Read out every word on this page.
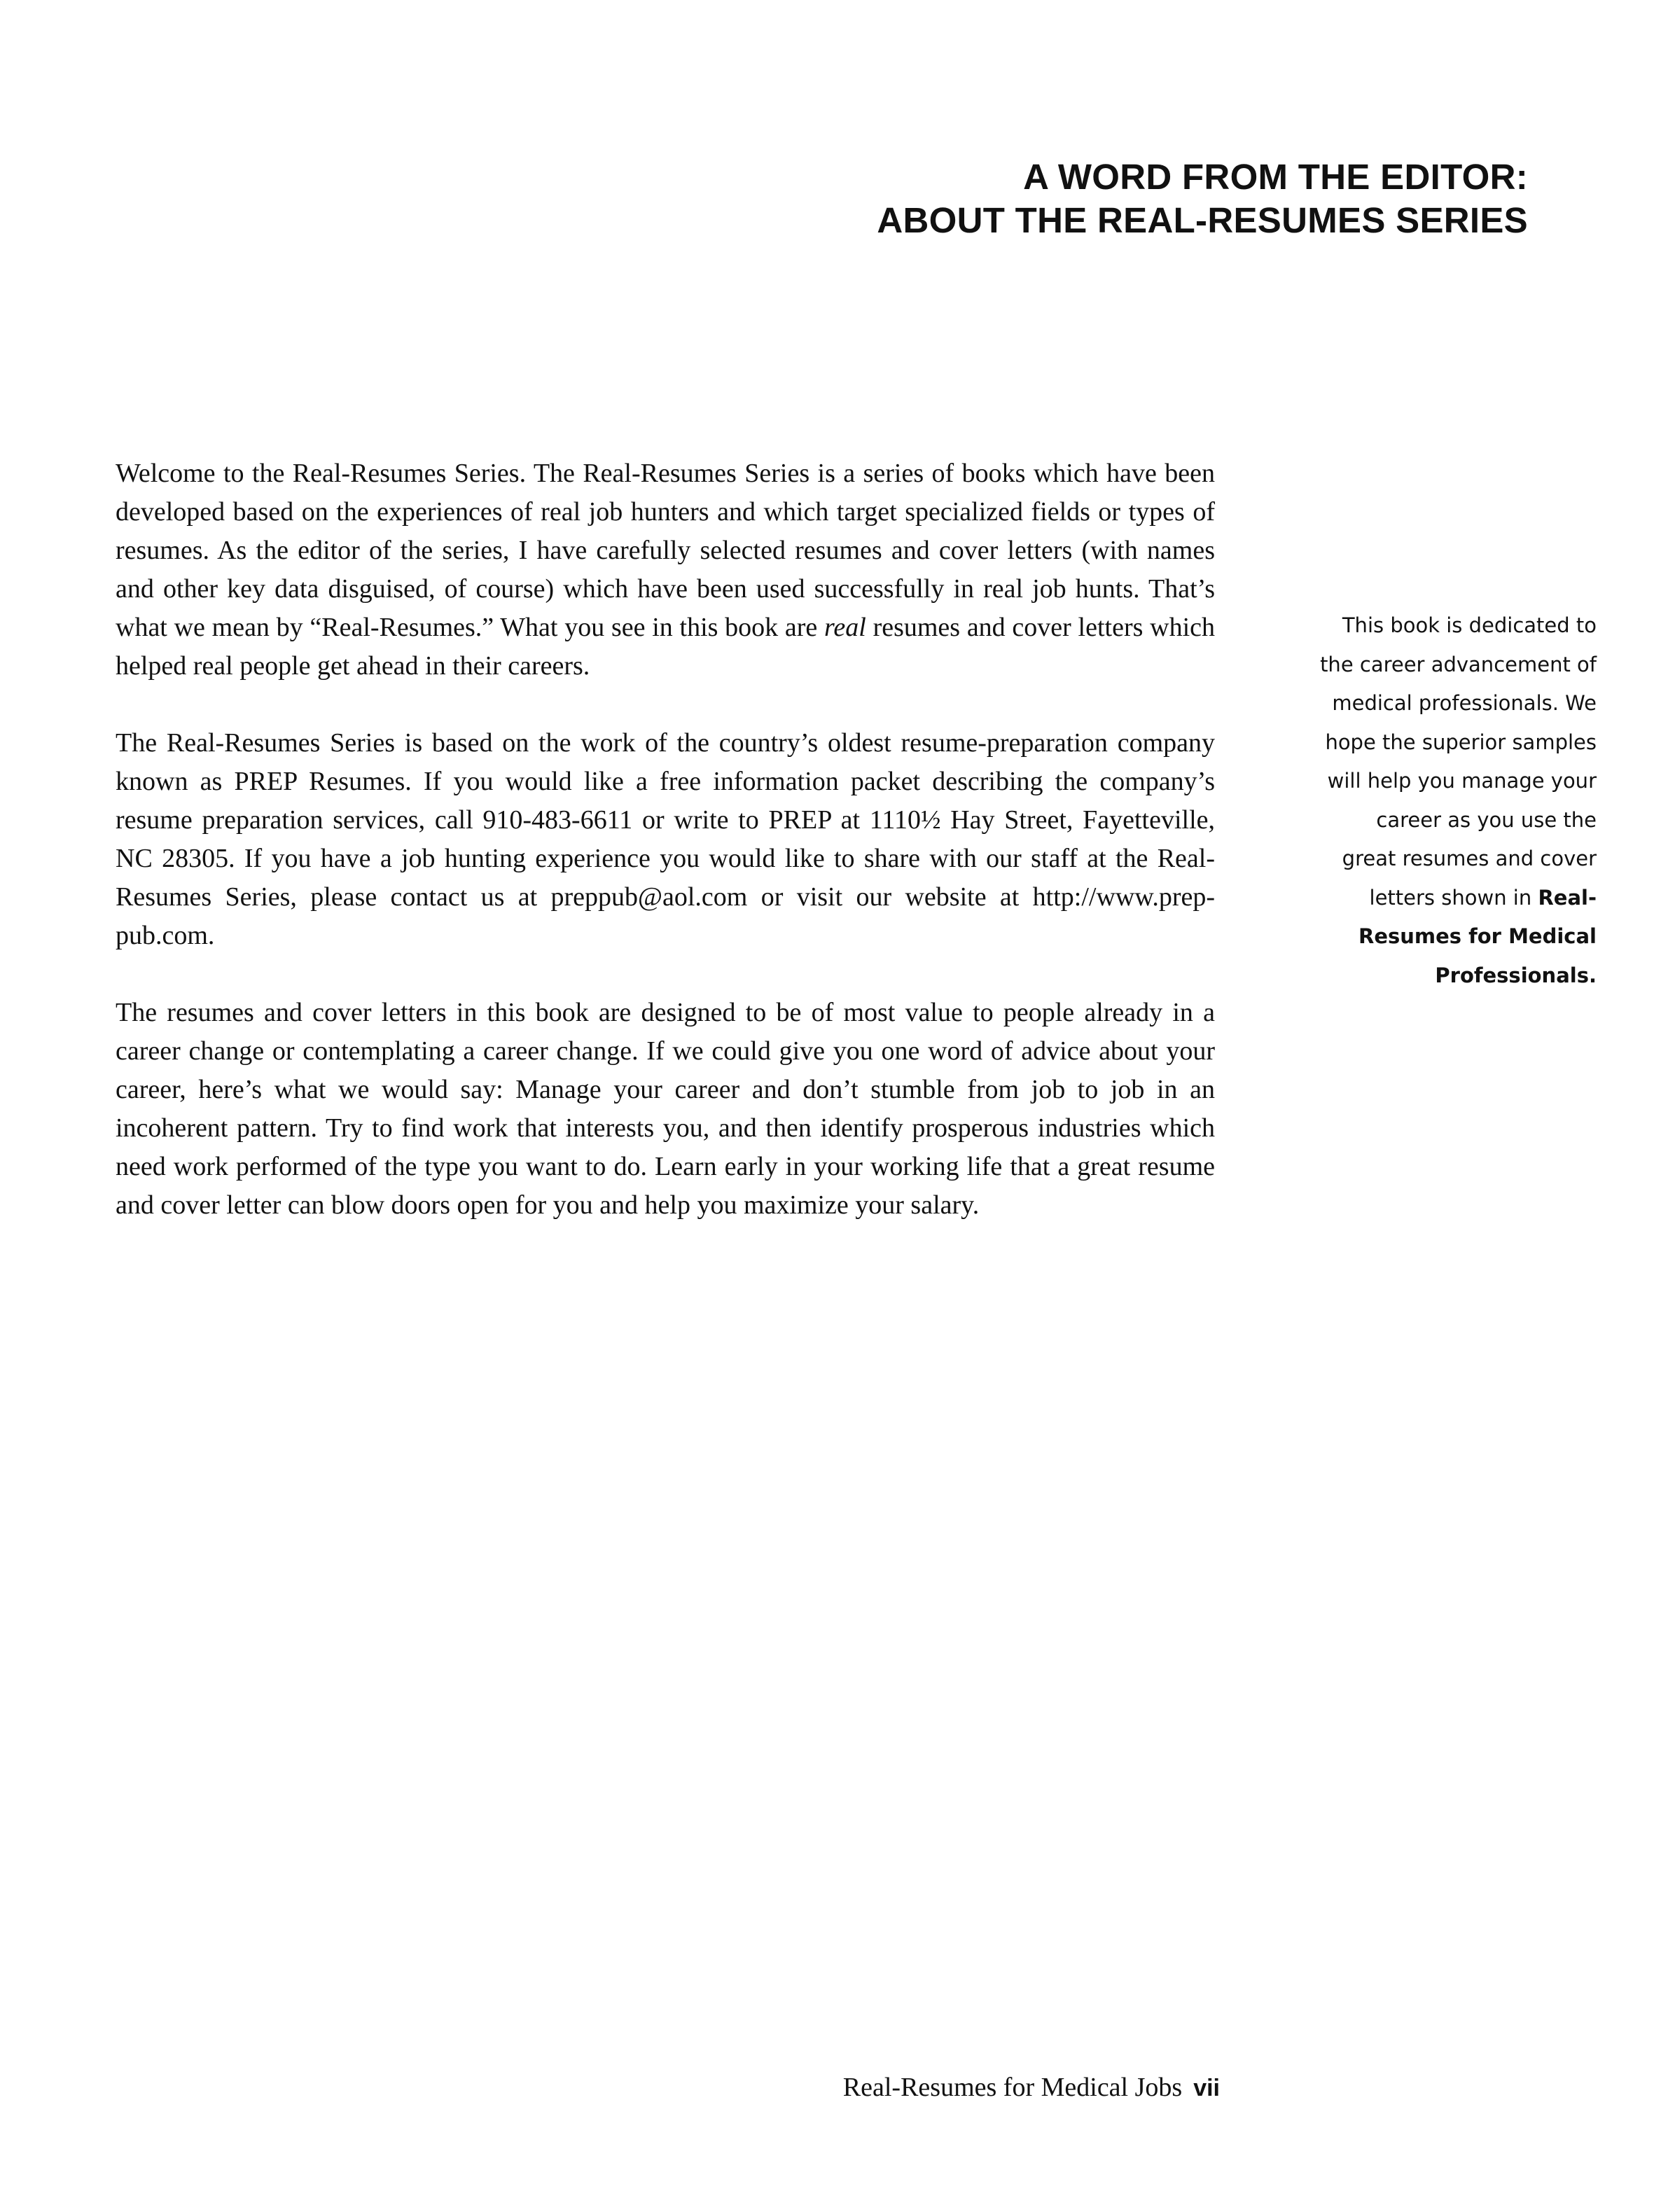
A WORD FROM THE EDITOR:
ABOUT THE REAL-RESUMES SERIES

Welcome to the Real-Resumes Series. The Real-Resumes Series is a series of books which have been developed based on the experiences of real job hunters and which target specialized fields or types of resumes. As the editor of the series, I have carefully selected resumes and cover letters (with names and other key data disguised, of course) which have been used successfully in real job hunts. That’s what we mean by “Real-Resumes.” What you see in this book are real resumes and cover letters which helped real people get ahead in their careers.

The Real-Resumes Series is based on the work of the country’s oldest resume-preparation company known as PREP Resumes. If you would like a free information packet describing the company’s resume preparation services, call 910-483-6611 or write to PREP at 1110½ Hay Street, Fayetteville, NC 28305. If you have a job hunting experience you would like to share with our staff at the Real-Resumes Series, please contact us at preppub@aol.com or visit our website at http://www.prep-pub.com.

The resumes and cover letters in this book are designed to be of most value to people already in a career change or contemplating a career change. If we could give you one word of advice about your career, here’s what we would say: Manage your career and don’t stumble from job to job in an incoherent pattern. Try to find work that interests you, and then identify prosperous industries which need work performed of the type you want to do. Learn early in your working life that a great resume and cover letter can blow doors open for you and help you maximize your salary.

This book is dedicated to
the career advancement of
medical professionals. We
hope the superior samples
will help you manage your
career as you use the
great resumes and cover
letters shown in Real-
Resumes for Medical
Professionals.
Real-Resumes for Medical Jobs vii
